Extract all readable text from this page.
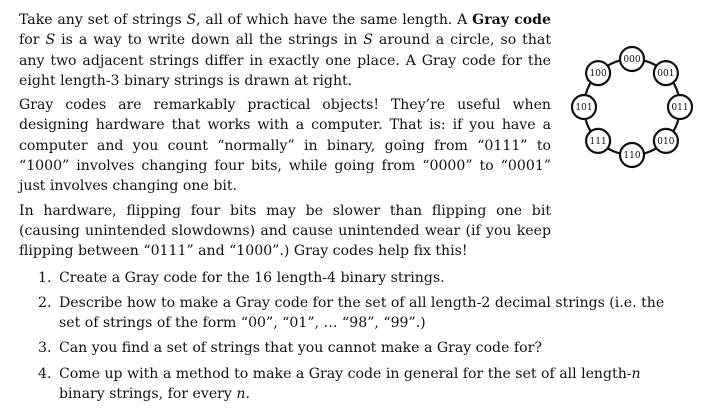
Take any set of strings S, all of which have the same length. A Gray code for S is a way to write down all the strings in S around a circle, so that any two adjacent strings differ in exactly one place. A Gray code for the eight length-3 binary strings is drawn at right.

Gray codes are remarkably practical objects! They’re useful when designing hardware that works with a computer. That is: if you have a computer and you count “normally” in binary, going from “0111” to “1000” involves changing four bits, while going from “0000” to “0001” just involves changing one bit.

In hardware, flipping four bits may be slower than flipping one bit (causing unintended slowdowns) and cause unintended wear (if you keep flipping between “0111” and “1000”.) Gray codes help fix this!

1. Create a Gray code for the 16 length-4 binary strings.
2. Describe how to make a Gray code for the set of all length-2 decimal strings (i.e. the set of strings of the form “00”, “01”, … “98”, “99”.)
3. Can you find a set of strings that you cannot make a Gray code for?
4. Come up with a method to make a Gray code in general for the set of all length-n binary strings, for every n.
000
001
011
010
110
111
101
100
